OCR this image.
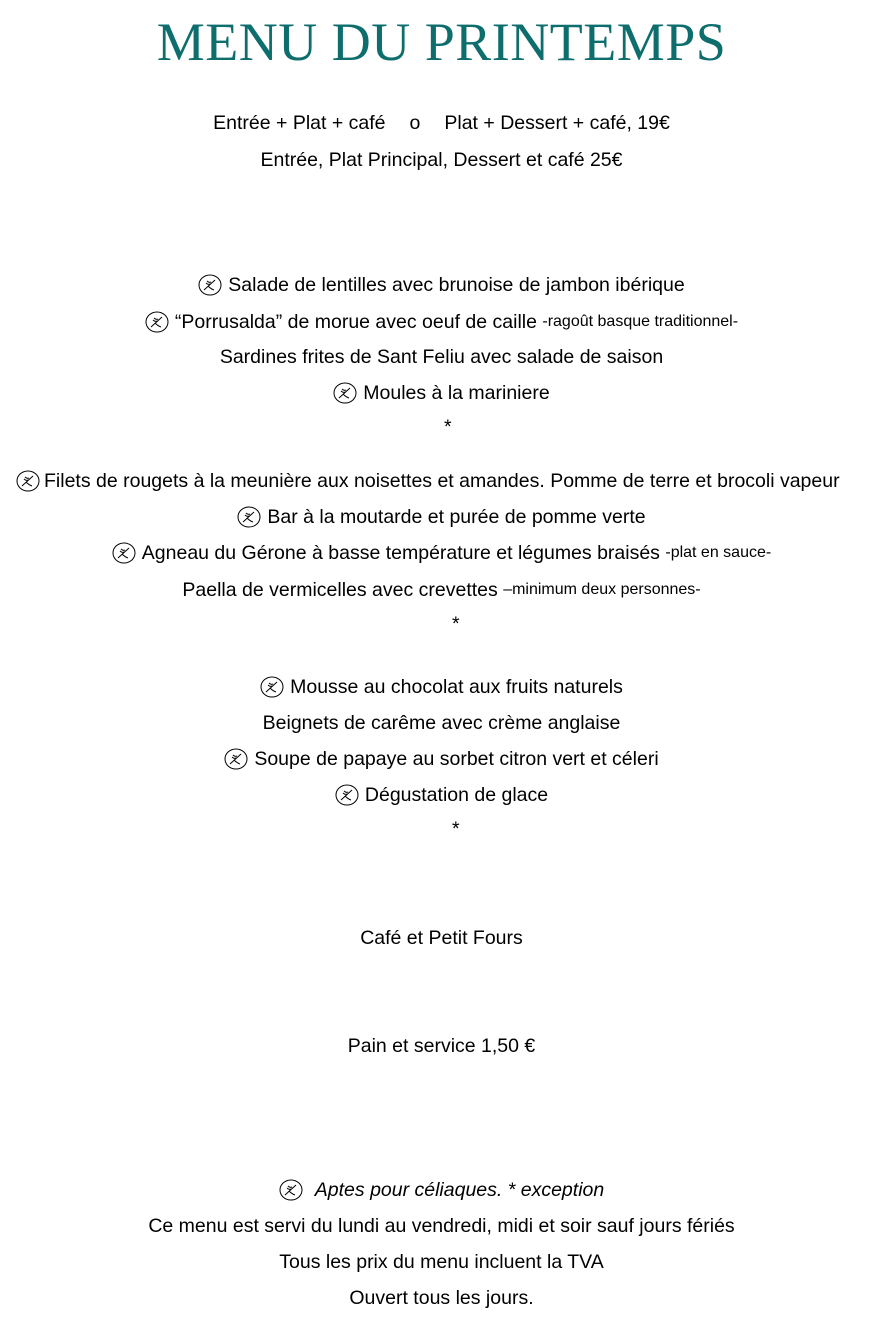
MENU DU PRINTEMPS
Entrée + Plat + café o Plat + Dessert + café, 19€
Entrée, Plat Principal, Dessert et café 25€
Salade de lentilles avec brunoise de jambon ibérique
“Porrusalda” de morue avec oeuf de caille
-ragoût basque traditionnel-
Sardines frites de Sant Feliu avec salade de saison
Moules à la mariniere
*
Filets de rougets à la meunière aux noisettes et amandes. Pomme de terre et brocoli vapeur
Bar à la moutarde et purée de pomme verte
Agneau du Gérone à basse température et légumes braisés
-plat en sauce-
Paella de vermicelles avec crevettes
–minimum deux personnes-
*
Mousse au chocolat aux fruits naturels
Beignets de carême avec crème anglaise
Soupe de papaye au sorbet citron vert et céleri
Dégustation de glace
*
Café et Petit Fours
Pain et service 1,50 €
Aptes pour céliaques. * exception
Ce menu est servi du lundi au vendredi, midi et soir sauf jours fériés
Tous les prix du menu incluent la TVA
Ouvert tous les jours.
